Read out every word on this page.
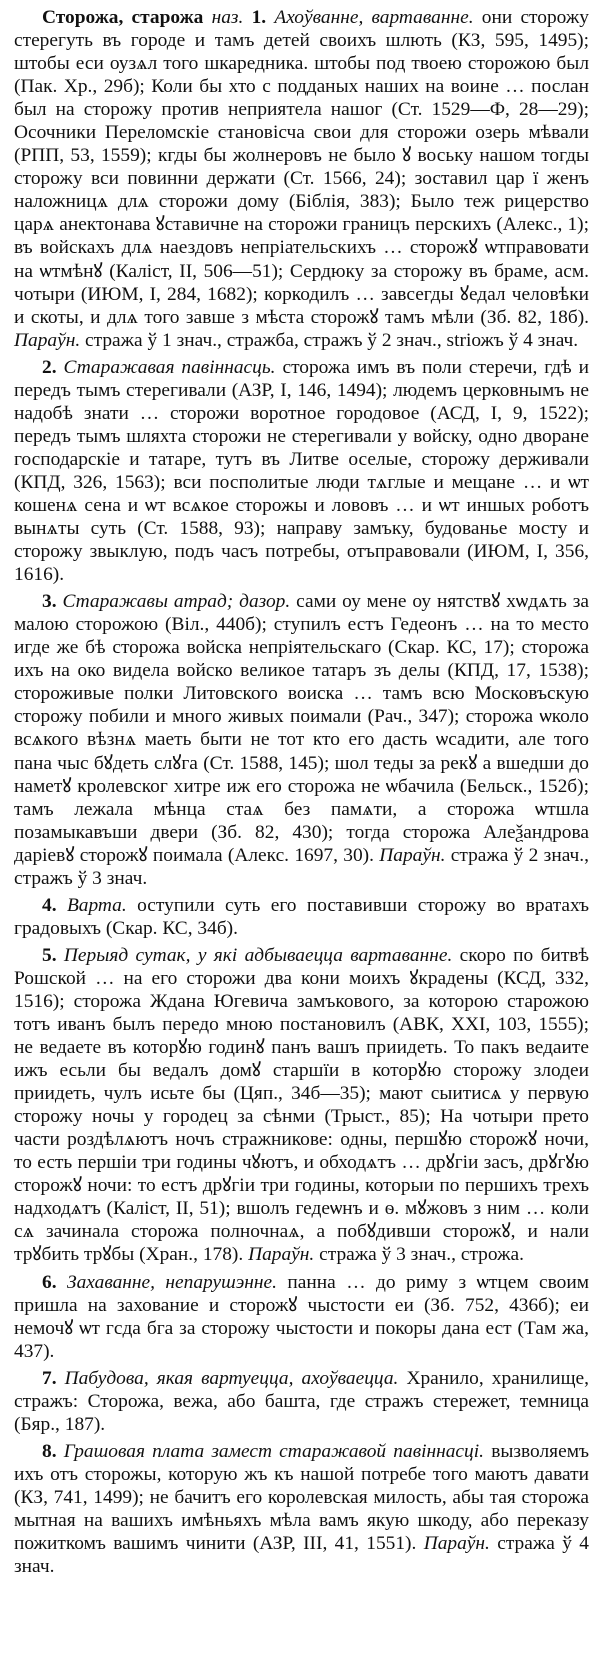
Сторожа, старожа наз. 1. Ахоўванне, вартаванне. они сторожу стерегуть въ городе и тамъ детей своихъ шлють (КЗ, 595, 1495); штобы еси оузѧл того шкаредника. штобы под твоею сторожою был (Пак. Хр., 29б); Коли бы хто с подданых наших на воине … послан был на сторожу против неприятела нашог (Ст. 1529—Ф, 28—29); Осочники Переломскіе становісча свои для сторожи озерь мѣвали (РПП, 53, 1559); кгды бы жолнеровъ не было ꙋ воську нашом тогды сторожу вси повинни держати (Ст. 1566, 24); зоставил цар ї женъ наложницѧ длѧ сторожи дому (Біблія, 383); Было теж рицерство царѧ анектонава ꙋставичне на сторожи границъ перскихъ (Алекс., 1); въ войскахъ длѧ наездовъ непріательскихъ … сторожꙋ ѡтправовати на ѡтмѣнꙋ (Каліст, II, 506—51); Сердюку за сторожу въ браме, асм. чотыри (ИЮМ, I, 284, 1682); коркодилъ … завсегды ꙋедал человѣки и скоты, и длѧ того завше з мѣста сторожꙋ тамъ мѣли (Зб. 82, 18б). Параўн. стража ў 1 знач., стражба, стражъ ў 2 знач., striожъ ў 4 знач.

2. Старажавая павіннасць. сторожа имъ въ поли стеречи, гдѣ и передъ тымъ стерегивали (АЗР, I, 146, 1494); людемъ церковнымъ не надобѣ знати … сторожи воротное городовое (АСД, I, 9, 1522); передъ тымъ шляхта сторожи не стерегивали у войску, одно дворане господарскіе и татаре, тутъ въ Литве оселые, сторожу держивали (КПД, 326, 1563); вси посполитые люди тѧглые и мещане … и ѡт кошенѧ сена и ѡт всѧкое сторожы и лововъ … и ѡт иншых роботъ вынѧты суть (Ст. 1588, 93); направу замъку, будованье мосту и сторожу звыклую, подъ часъ потребы, отъправовали (ИЮМ, I, 356, 1616).

3. Старажавы атрад; дазор. сами оу мене оу нятствꙋ хѡдѧть за малою сторожою (Віл., 440б); ступилъ естъ Гедеонъ … на то место игде же бѣ сторожа войска непріятельскаго (Скар. КС, 17); сторожа ихъ на око видела войско великое татаръ зъ делы (КПД, 17, 1538); стороживые полки Литовского воиска … тамъ всю Московъскую сторожу побили и много живых поимали (Рач., 347); сторожа ѡколо всѧкого вѣзнѧ маеть быти не тот кто его дасть ѡсадити, але того пана чыс бꙋдеть слꙋга (Ст. 1588, 145); шол теды за рекꙋ а вшедши до наметꙋ кролевског хитре иж его сторожа не ѡбачила (Бельск., 152б); тамъ лежала мѣнца стаѧ без памѧти, а сторожа ѡтшла позамыкавъши двери (Зб. 82, 430); тогда сторожа Алеѯандрова даріевꙋ сторожꙋ поимала (Алекс. 1697, 30). Параўн. стража ў 2 знач., стражъ ў 3 знач.

4. Варта. оступили суть его поставивши сторожу во вратахъ градовыхъ (Скар. КС, 34б).

5. Перыяд сутак, у які адбываецца вартаванне. скоро по битвѣ Рошской … на его сторожи два кони моихъ ꙋкрадены (КСД, 332, 1516); сторожа Ждана Югевича замъкового, за которою старожою тотъ иванъ былъ передо мною постановилъ (АВК, XXI, 103, 1555); не ведаете въ которꙋю годинꙋ панъ вашъ приидеть. То пакъ ведаите ижъ есьли бы ведалъ домꙋ старшїи в которꙋю сторожу злодеи приидеть, чулъ исьте бы (Цяп., 34б—35); мают сыитисѧ у первую сторожу ночы у городец за сѣнми (Трыст., 85); На чотыри прето части роздѣлѧютъ ночъ стражникове: одны, першꙋю сторожꙋ ночи, то есть першіи три годины чꙋютъ, и обходѧтъ … дрꙋгіи засъ, дрꙋгꙋю сторожꙋ ночи: то естъ дрꙋгіи три годины, которыи по першихъ трехъ надходѧтъ (Каліст, II, 51); вшолъ гедеѡнъ и ѳ. мꙋжовъ з ним … коли сѧ зачинала сторожа полночнаѧ, а побꙋдивши сторожꙋ, и нали трꙋбить трꙋбы (Хран., 178). Параўн. стража ў 3 знач., строжа.

6. Захаванне, непарушэнне. панна … до риму з ѡтцем своим пришла на захование и сторожꙋ чыстости еи (Зб. 752, 436б); еи немочꙋ ѡт гсда бга за сторожу чыстости и покоры дана ест (Там жа, 437).

7. Пабудова, якая вартуецца, ахоўваецца. Хранило, хранилище, стражъ: Сторожа, вежа, або башта, где стражъ стережет, темница (Бяр., 187).

8. Грашовая плата замест старажавой павіннасці. вызволяемъ ихъ отъ сторожы, которую жъ къ нашой потребе того маютъ давати (КЗ, 741, 1499); не бачитъ его королевская милость, абы тая сторожа мытная на вашихъ имѣньяхъ мѣла вамъ якую шкоду, або переказу пожиткомъ вашимъ чинити (АЗР, III, 41, 1551). Параўн. стража ў 4 знач.
